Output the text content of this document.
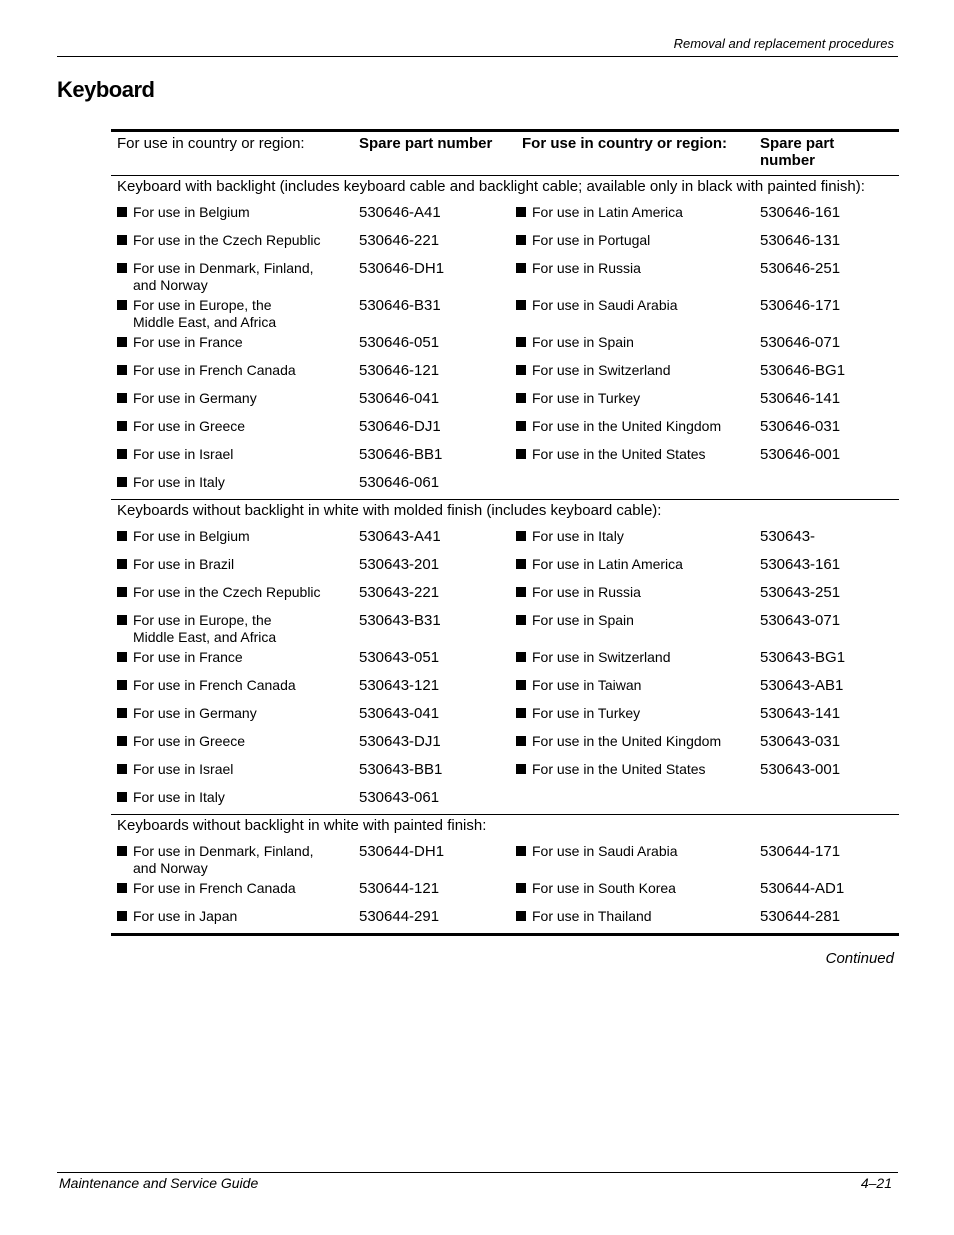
Removal and replacement procedures
Keyboard
For use in country or region:	Spare part number	For use in country or region:	Spare part number
Keyboard with backlight (includes keyboard cable and backlight cable; available only in black with painted finish):			

For use in Belgium	530646-A41	For use in Latin America	530646-161

For use in the Czech Republic	530646-221	For use in Portugal	530646-131

For use in Denmark, Finland,
and Norway	530646-DH1	For use in Russia	530646-251

For use in Europe, the
Middle East, and Africa	530646-B31	For use in Saudi Arabia	530646-171

For use in France	530646-051	For use in Spain	530646-071

For use in French Canada	530646-121	For use in Switzerland	530646-BG1

For use in Germany	530646-041	For use in Turkey	530646-141

For use in Greece	530646-DJ1	For use in the United Kingdom	530646-031

For use in Israel	530646-BB1	For use in the United States	530646-001

For use in Italy	530646-061		
Keyboards without backlight in white with molded finish (includes keyboard cable):			

For use in Belgium	530643-A41	For use in Italy	530643-

For use in Brazil	530643-201	For use in Latin America	530643-161

For use in the Czech Republic	530643-221	For use in Russia	530643-251

For use in Europe, the
Middle East, and Africa	530643-B31	For use in Spain	530643-071

For use in France	530643-051	For use in Switzerland	530643-BG1

For use in French Canada	530643-121	For use in Taiwan	530643-AB1

For use in Germany	530643-041	For use in Turkey	530643-141

For use in Greece	530643-DJ1	For use in the United Kingdom	530643-031

For use in Israel	530643-BB1	For use in the United States	530643-001

For use in Italy	530643-061		
Keyboards without backlight in white with painted finish:			

For use in Denmark, Finland,
and Norway	530644-DH1	For use in Saudi Arabia	530644-171

For use in French Canada	530644-121	For use in South Korea	530644-AD1

For use in Japan	530644-291	For use in Thailand	530644-281
Continued
Maintenance and Service Guide	4–21
